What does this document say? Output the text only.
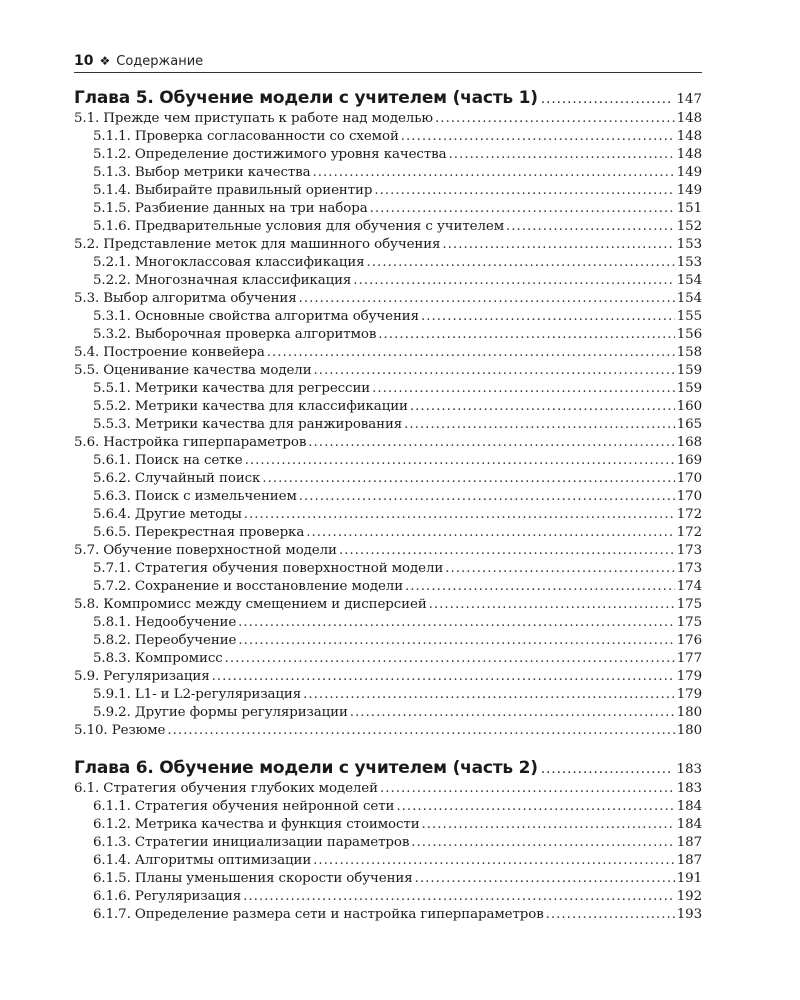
10 ❖ Содержание
Глава 5. Обучение модели с учителем (часть 1) .....	147
5.1. Прежде чем приступать к работе над моделью .....	148
5.1.1. Проверка согласованности со схемой .....	148
5.1.2. Определение достижимого уровня качества .....	148
5.1.3. Выбор метрики качества .....	149
5.1.4. Выбирайте правильный ориентир .....	149
5.1.5. Разбиение данных на три набора .....	151
5.1.6. Предварительные условия для обучения с учителем .....	152
5.2. Представление меток для машинного обучения .....	153
5.2.1. Многоклассовая классификация .....	153
5.2.2. Многозначная классификация .....	154
5.3. Выбор алгоритма обучения .....	154
5.3.1. Основные свойства алгоритма обучения .....	155
5.3.2. Выборочная проверка алгоритмов .....	156
5.4. Построение конвейера .....	158
5.5. Оценивание качества модели .....	159
5.5.1. Метрики качества для регрессии .....	159
5.5.2. Метрики качества для классификации .....	160
5.5.3. Метрики качества для ранжирования .....	165
5.6. Настройка гиперпараметров .....	168
5.6.1. Поиск на сетке .....	169
5.6.2. Случайный поиск .....	170
5.6.3. Поиск с измельчением .....	170
5.6.4. Другие методы .....	172
5.6.5. Перекрестная проверка .....	172
5.7. Обучение поверхностной модели .....	173
5.7.1. Стратегия обучения поверхностной модели .....	173
5.7.2. Сохранение и восстановление модели .....	174
5.8. Компромисс между смещением и дисперсией .....	175
5.8.1. Недообучение .....	175
5.8.2. Переобучение .....	176
5.8.3. Компромисс .....	177
5.9. Регуляризация .....	179
5.9.1. L1- и L2-регуляризация .....	179
5.9.2. Другие формы регуляризации .....	180
5.10. Резюме .....	180
Глава 6. Обучение модели с учителем (часть 2) .....	183
6.1. Стратегия обучения глубоких моделей .....	183
6.1.1. Стратегия обучения нейронной сети .....	184
6.1.2. Метрика качества и функция стоимости .....	184
6.1.3. Стратегии инициализации параметров .....	187
6.1.4. Алгоритмы оптимизации .....	187
6.1.5. Планы уменьшения скорости обучения .....	191
6.1.6. Регуляризация .....	192
6.1.7. Определение размера сети и настройка гиперпараметров .....	193
